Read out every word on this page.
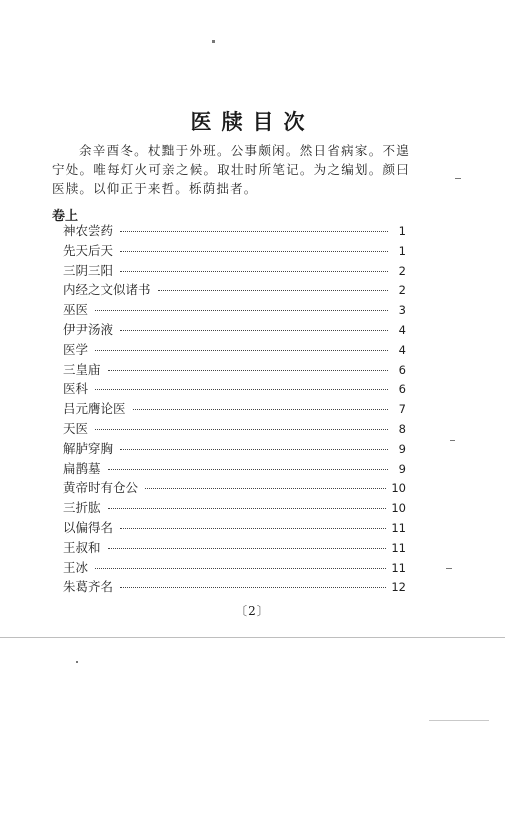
医牍目次
余辛酉冬。杖黜于外班。公事颇闲。然日省病家。不遑宁处。唯每灯火可亲之候。取壮时所笔记。为之编划。颜曰医牍。以仰正于来哲。栎荫拙者。
卷上
神农尝药	1
先天后天	1
三阴三阳	2
内经之文似诸书	2
巫医	3
伊尹汤液	4
医学	4
三皇庙	6
医科	6
吕元膺论医	7
天医	8
解胪穿胸	9
扁鹊墓	9
黄帝时有仓公	10
三折肱	10
以偏得名	11
王叔和	11
王冰	11
朱葛齐名	12
〔2〕
